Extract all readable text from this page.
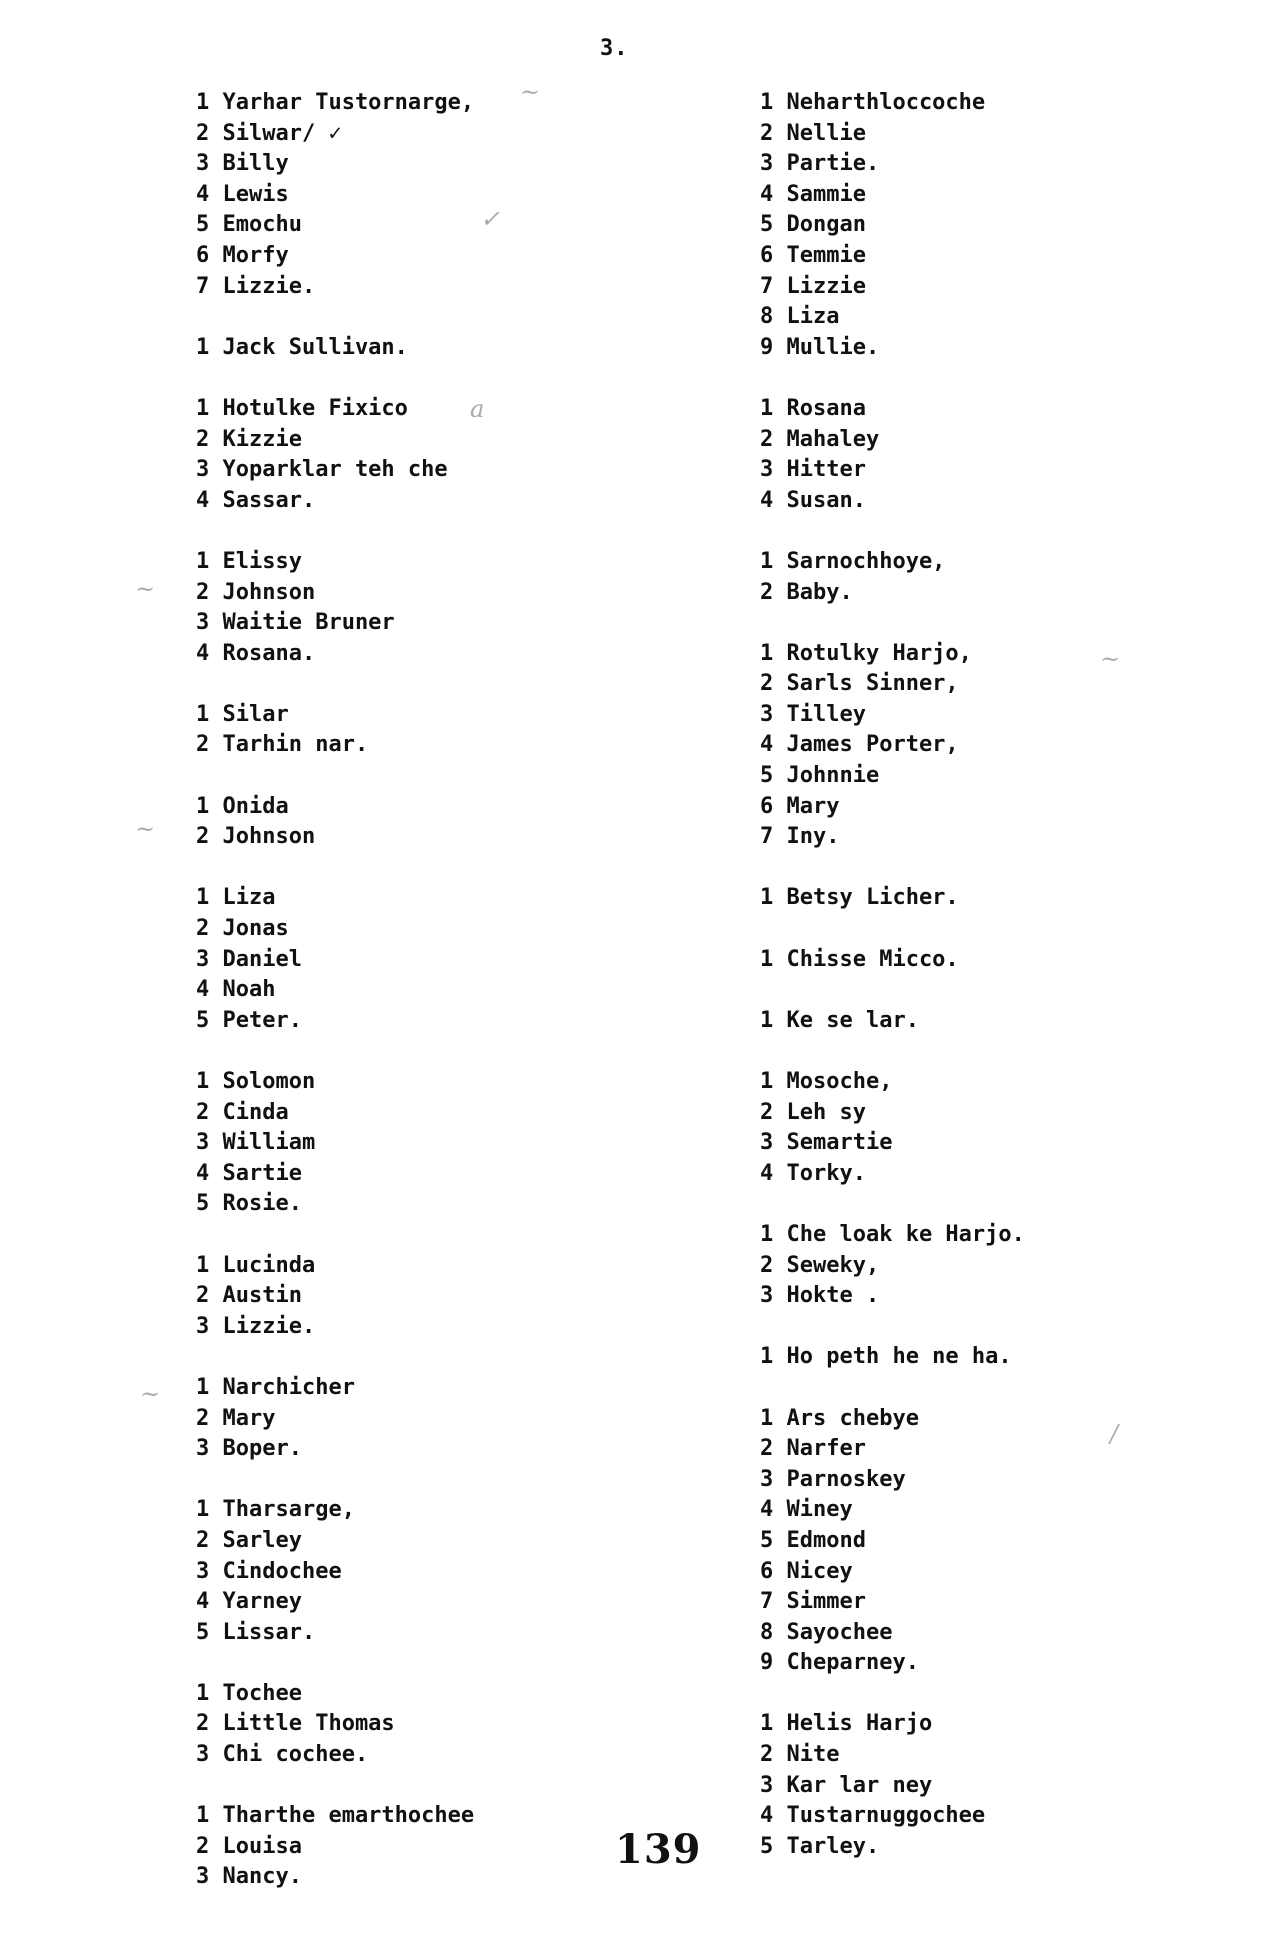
3.
1 Yarhar Tustornarge,
2 Silwar/ ✓
3 Billy
4 Lewis
5 Emochu
6 Morfy
7 Lizzie.
1 Jack Sullivan.
1 Hotulke Fixico
2 Kizzie
3 Yoparklar teh che
4 Sassar.
1 Elissy
2 Johnson
3 Waitie Bruner
4 Rosana.
1 Silar
2 Tarhin nar.
1 Onida
2 Johnson
1 Liza
2 Jonas
3 Daniel
4 Noah
5 Peter.
1 Solomon
2 Cinda
3 William
4 Sartie
5 Rosie.
1 Lucinda
2 Austin
3 Lizzie.
1 Narchicher
2 Mary
3 Boper.
1 Tharsarge,
2 Sarley
3 Cindochee
4 Yarney
5 Lissar.
1 Tochee
2 Little Thomas
3 Chi cochee.
1 Tharthe emarthochee
2 Louisa
3 Nancy.
1 Neharthloccoche
2 Nellie
3 Partie.
4 Sammie
5 Dongan
6 Temmie
7 Lizzie
8 Liza
9 Mullie.
1 Rosana
2 Mahaley
3 Hitter
4 Susan.
1 Sarnochhoye,
2 Baby.
1 Rotulky Harjo,
2 Sarls Sinner,
3 Tilley
4 James Porter,
5 Johnnie
6 Mary
7 Iny.
1 Betsy Licher.
1 Chisse Micco.
1 Ke se lar.
1 Mosoche,
2 Leh sy
3 Semartie
4 Torky.
1 Che loak ke Harjo.
2 Seweky,
3 Hokte .
1 Ho peth he ne ha.
1 Ars chebye
2 Narfer
3 Parnoskey
4 Winey
5 Edmond
6 Nicey
7 Simmer
8 Sayochee
9 Cheparney.
1 Helis Harjo
2 Nite
3 Kar lar ney
4 Tustarnuggochee
5 Tarley.
~
✓
a
~
~
~
~
/
139
